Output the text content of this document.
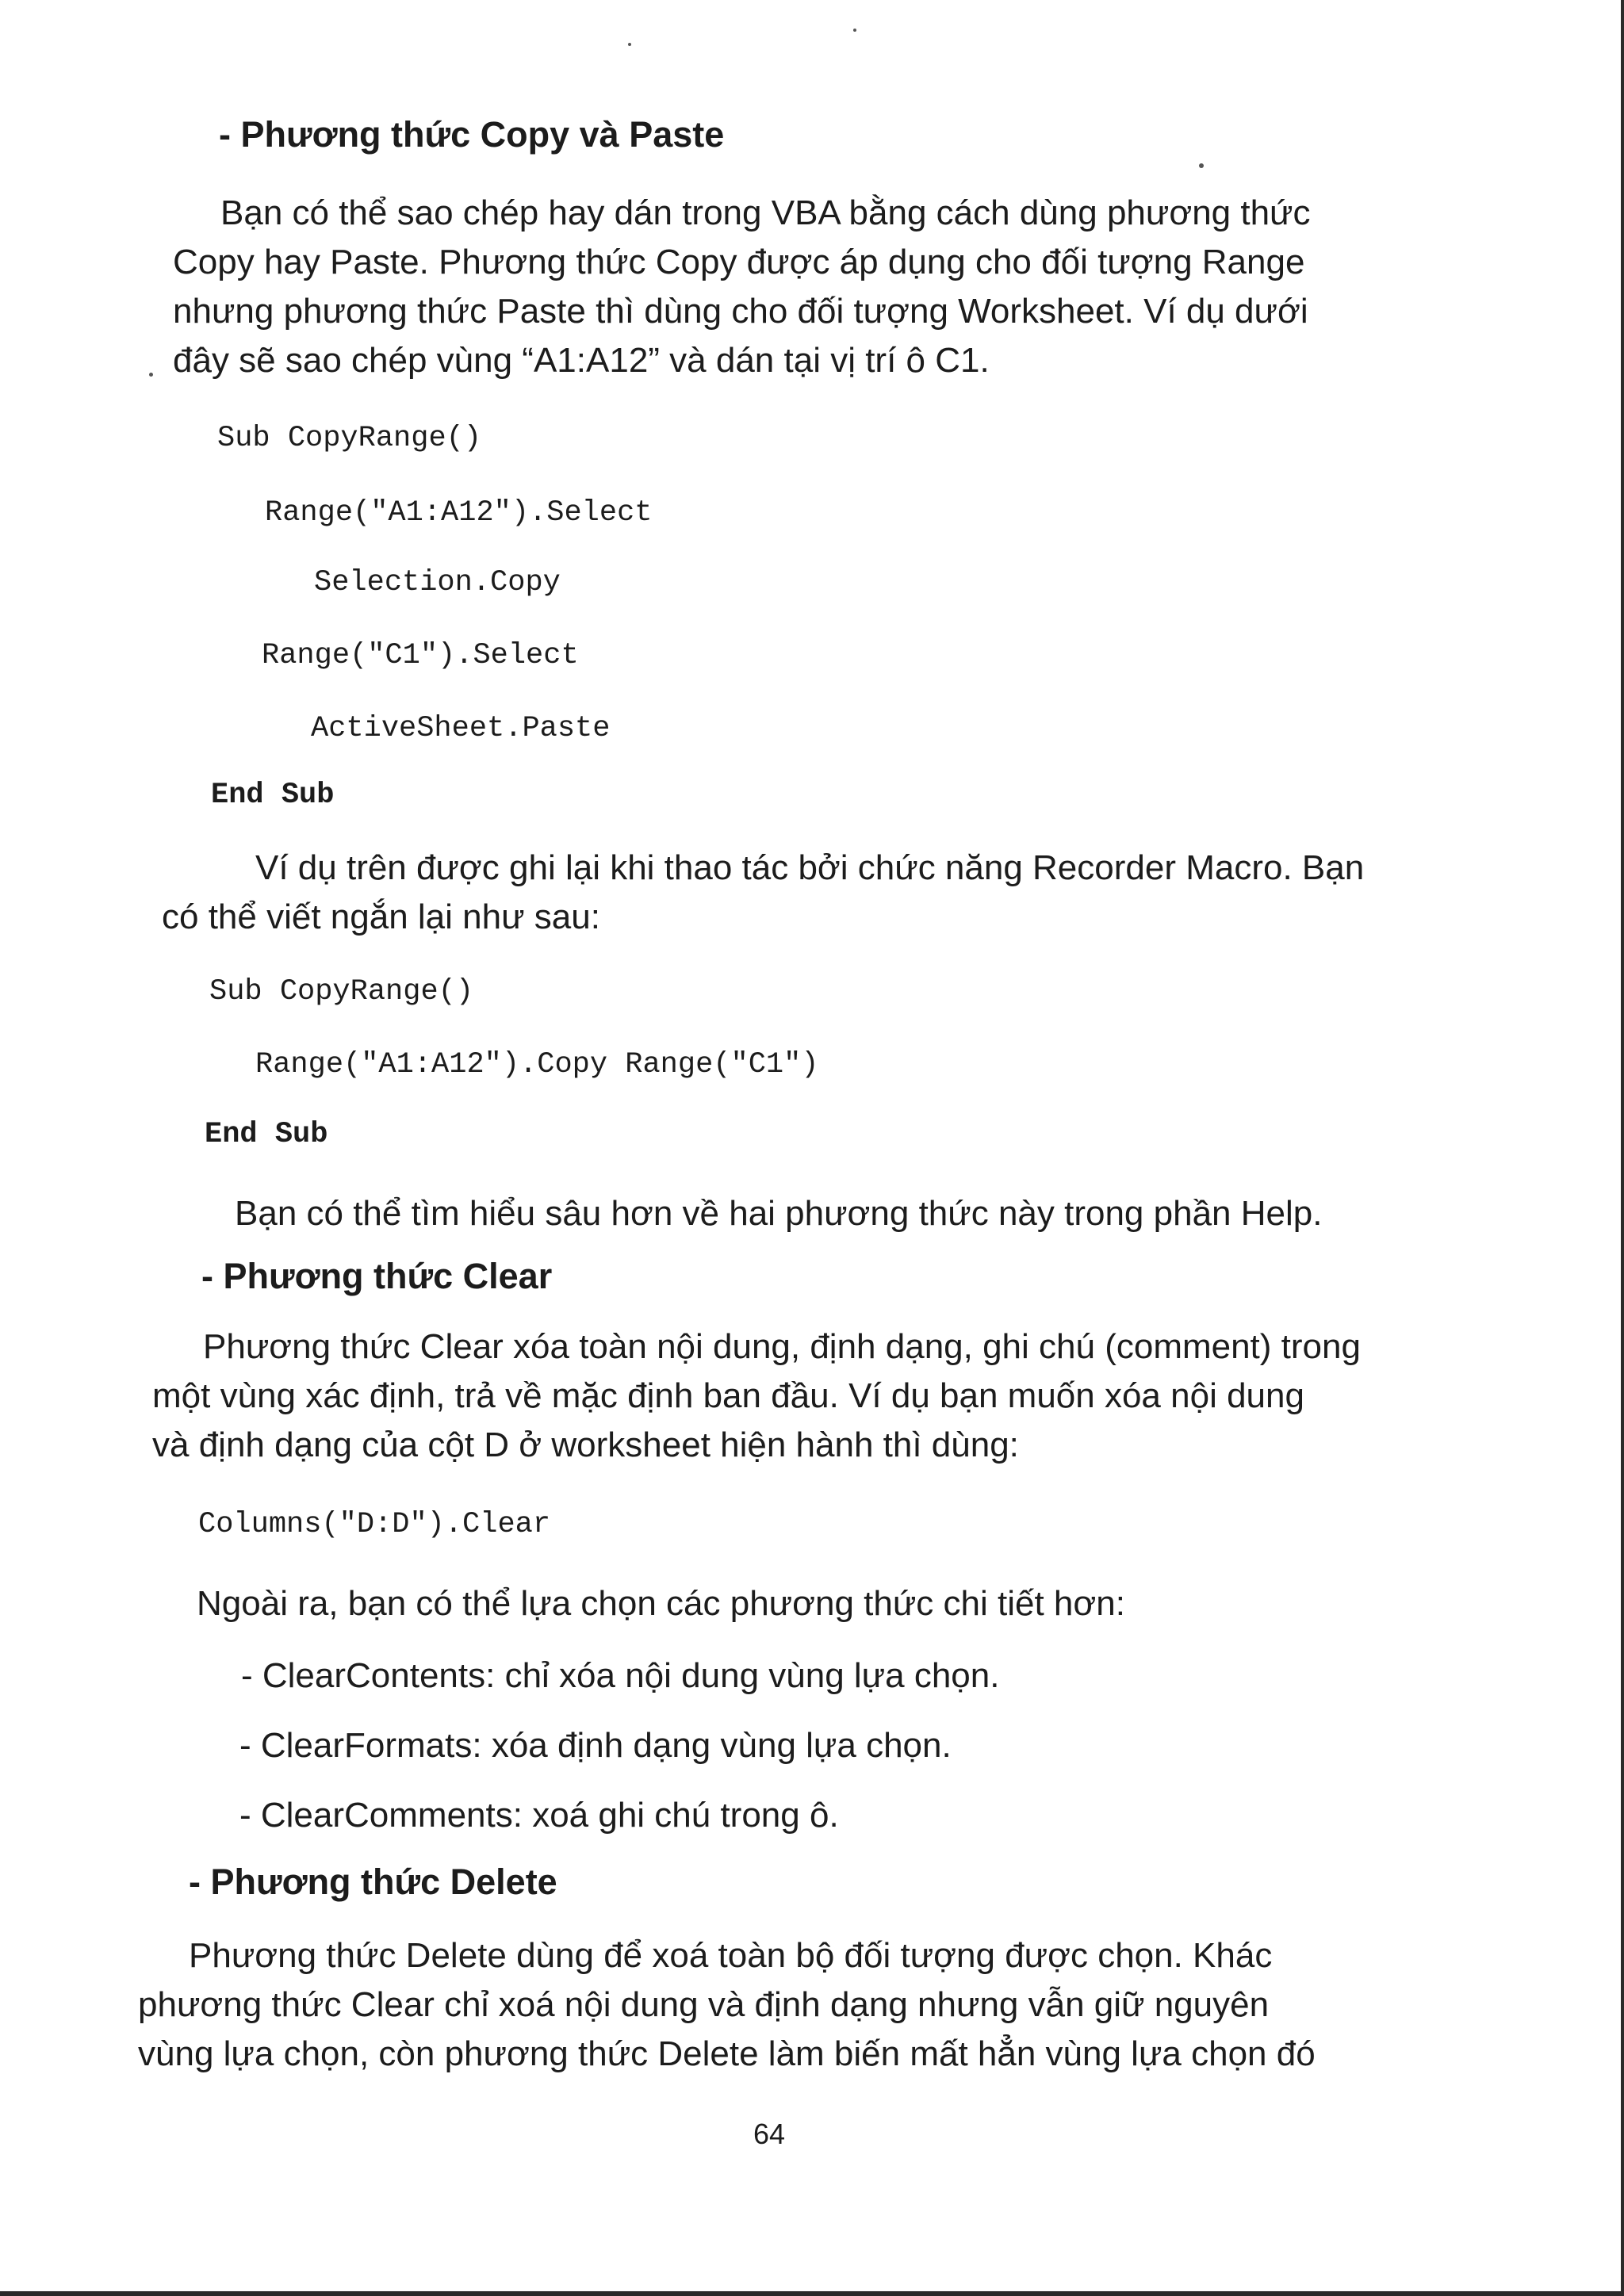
- Phương thức Copy và Paste
Bạn có thể sao chép hay dán trong VBA bằng cách dùng phương thức
Copy hay Paste. Phương thức Copy được áp dụng cho đối tượng Range
nhưng phương thức Paste thì dùng cho đối tượng Worksheet. Ví dụ dưới
đây sẽ sao chép vùng “A1:A12” và dán tại vị trí ô C1.
Sub CopyRange()
Range("A1:A12").Select
Selection.Copy
Range("C1").Select
ActiveSheet.Paste
End Sub
Ví dụ trên được ghi lại khi thao tác bởi chức năng Recorder Macro. Bạn
có thể viết ngắn lại như sau:
Sub CopyRange()
Range("A1:A12").Copy Range("C1")
End Sub
Bạn có thể tìm hiểu sâu hơn về hai phương thức này trong phần Help.
- Phương thức Clear
Phương thức Clear xóa toàn nội dung, định dạng, ghi chú (comment) trong
một vùng xác định, trả về mặc định ban đầu. Ví dụ bạn muốn xóa nội dung
và định dạng của cột D ở worksheet hiện hành thì dùng:
Columns("D:D").Clear
Ngoài ra, bạn có thể lựa chọn các phương thức chi tiết hơn:
- ClearContents: chỉ xóa nội dung vùng lựa chọn.
- ClearFormats: xóa định dạng vùng lựa chọn.
- ClearComments: xoá ghi chú trong ô.
- Phương thức Delete
Phương thức Delete dùng để xoá toàn bộ đối tượng được chọn. Khác
phương thức Clear chỉ xoá nội dung và định dạng nhưng vẫn giữ nguyên
vùng lựa chọn, còn phương thức Delete làm biến mất hẳn vùng lựa chọn đó
64
